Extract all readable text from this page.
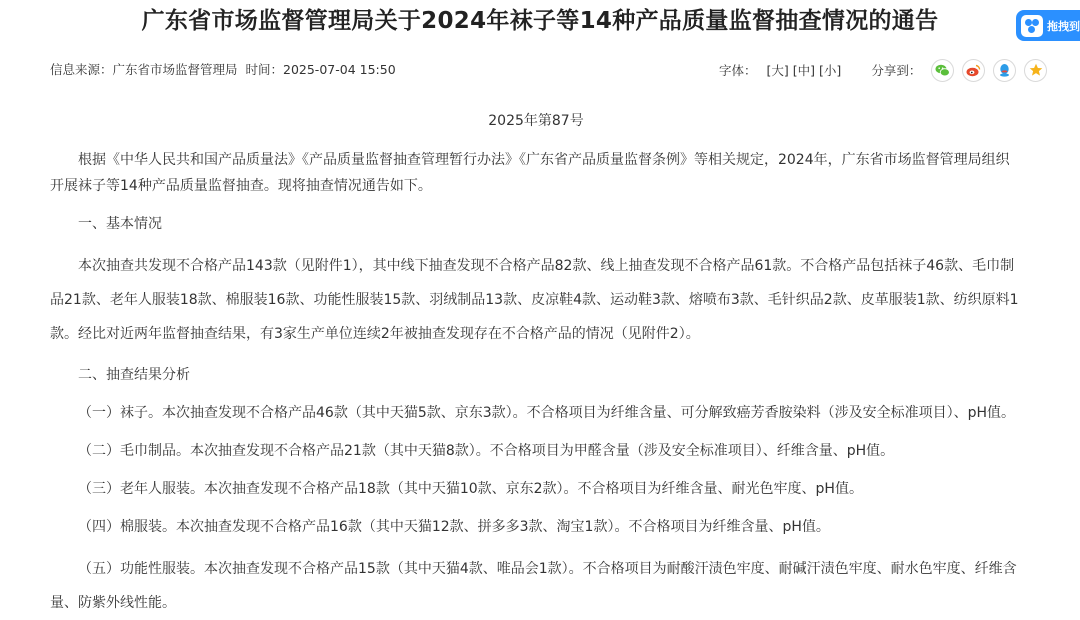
广东省市场监督管理局关于2024年袜子等14种产品质量监督抽查情况的通告	拖拽到
信息来源：广东省市场监督管理局 时间：2025-07-04 15:50	字体： [大] [中] [小] 分享到：

2025年第87号

根据《中华人民共和国产品质量法》《产品质量监督抽查管理暂行办法》《广东省产品质量监督条例》等相关规定，2024年，广东省市场监督管理局组织开展袜子等14种产品质量监督抽查。现将抽查情况通告如下。

一、基本情况

本次抽查共发现不合格产品143款（见附件1），其中线下抽查发现不合格产品82款、线上抽查发现不合格产品61款。不合格产品包括袜子46款、毛巾制品21款、老年人服装18款、棉服装16款、功能性服装15款、羽绒制品13款、皮凉鞋4款、运动鞋3款、熔喷布3款、毛针织品2款、皮革服装1款、纺织原料1款。经比对近两年监督抽查结果，有3家生产单位连续2年被抽查发现存在不合格产品的情况（见附件2）。

二、抽查结果分析

（一）袜子。本次抽查发现不合格产品46款（其中天猫5款、京东3款）。不合格项目为纤维含量、可分解致癌芳香胺染料（涉及安全标准项目）、pH值。

（二）毛巾制品。本次抽查发现不合格产品21款（其中天猫8款）。不合格项目为甲醛含量（涉及安全标准项目）、纤维含量、pH值。

（三）老年人服装。本次抽查发现不合格产品18款（其中天猫10款、京东2款）。不合格项目为纤维含量、耐光色牢度、pH值。

（四）棉服装。本次抽查发现不合格产品16款（其中天猫12款、拼多多3款、淘宝1款）。不合格项目为纤维含量、pH值。

（五）功能性服装。本次抽查发现不合格产品15款（其中天猫4款、唯品会1款）。不合格项目为耐酸汗渍色牢度、耐碱汗渍色牢度、耐水色牢度、纤维含量、防紫外线性能。
